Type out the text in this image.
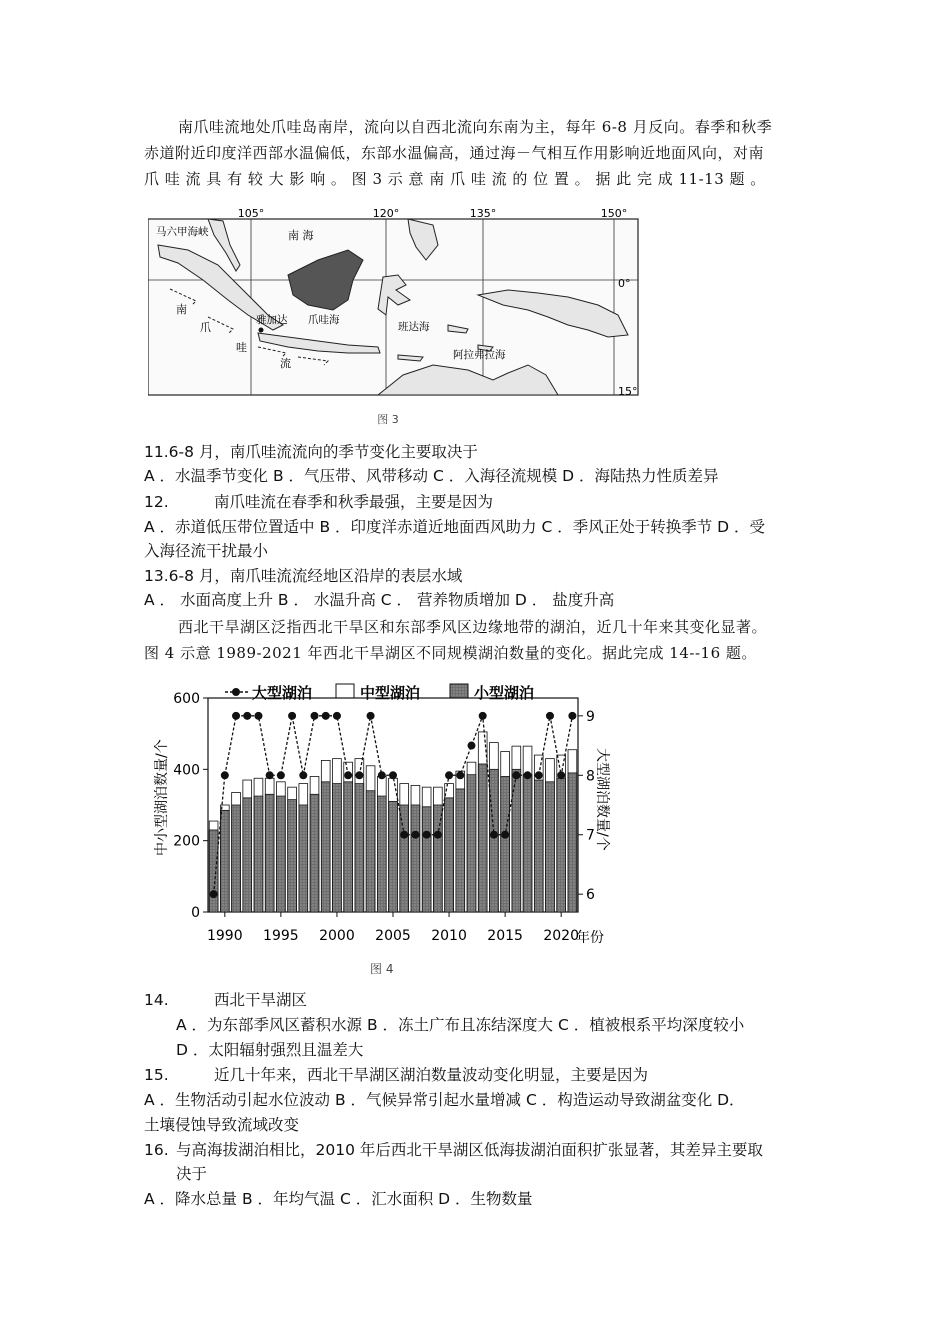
南爪哇流地处爪哇岛南岸，流向以自西北流向东南为主，每年 6-8 月反向。春季和秋季
赤道附近印度洋西部水温偏低，东部水温偏高，通过海－气相互作用影响近地面风向，对南
爪 哇 流 具 有 较 大 影 响 。 图 3 示 意 南 爪 哇 流 的 位 置 。 据 此 完 成 11-13 题 。
105°	120°	135°	150°
0°
15°
马六甲海峡	南 海
雅加达 爪哇海
班达海
阿拉弗拉海
南
爪
哇
流
图 3
11.6-8 月，南爪哇流流向的季节变化主要取决于
A ．水温季节变化 B ．气压带、风带移动 C ．入海径流规模 D ．海陆热力性质差异
12.	南爪哇流在春季和秋季最强，主要是因为
A ．赤道低压带位置适中 B ．印度洋赤道近地面西风助力 C ．季风正处于转换季节 D ．受
入海径流干扰最小
13.6-8 月，南爪哇流流经地区沿岸的表层水域
A ． 水面高度上升 B ． 水温升高 C ． 营养物质增加 D ． 盐度升高
西北干旱湖区泛指西北干旱区和东部季风区边缘地带的湖泊，近几十年来其变化显著。
图 4 示意 1989-2021 年西北干旱湖区不同规模湖泊数量的变化。据此完成 14--16 题。
大型湖泊	中型湖泊	小型湖泊
0
200
400
600
6
7
8
9
1990 1995 2000 2005 2010 2015 2020
中小型湖泊数量/个	大型湖泊数量/个
年份
图 4
14.	西北干旱湖区
A ．为东部季风区蓄积水源 B ．冻土广布且冻结深度大 C ．植被根系平均深度较小
D ．太阳辐射强烈且温差大
15.	近几十年来，西北干旱湖区湖泊数量波动变化明显，主要是因为
A ．生物活动引起水位波动 B ．气候异常引起水量增减 C ．构造运动导致湖盆变化 D．
土壤侵蚀导致流域改变
16. 与高海拔湖泊相比，2010 年后西北干旱湖区低海拔湖泊面积扩张显著，其差异主要取
决于
A ．降水总量 B ．年均气温 C ．汇水面积 D ．生物数量
